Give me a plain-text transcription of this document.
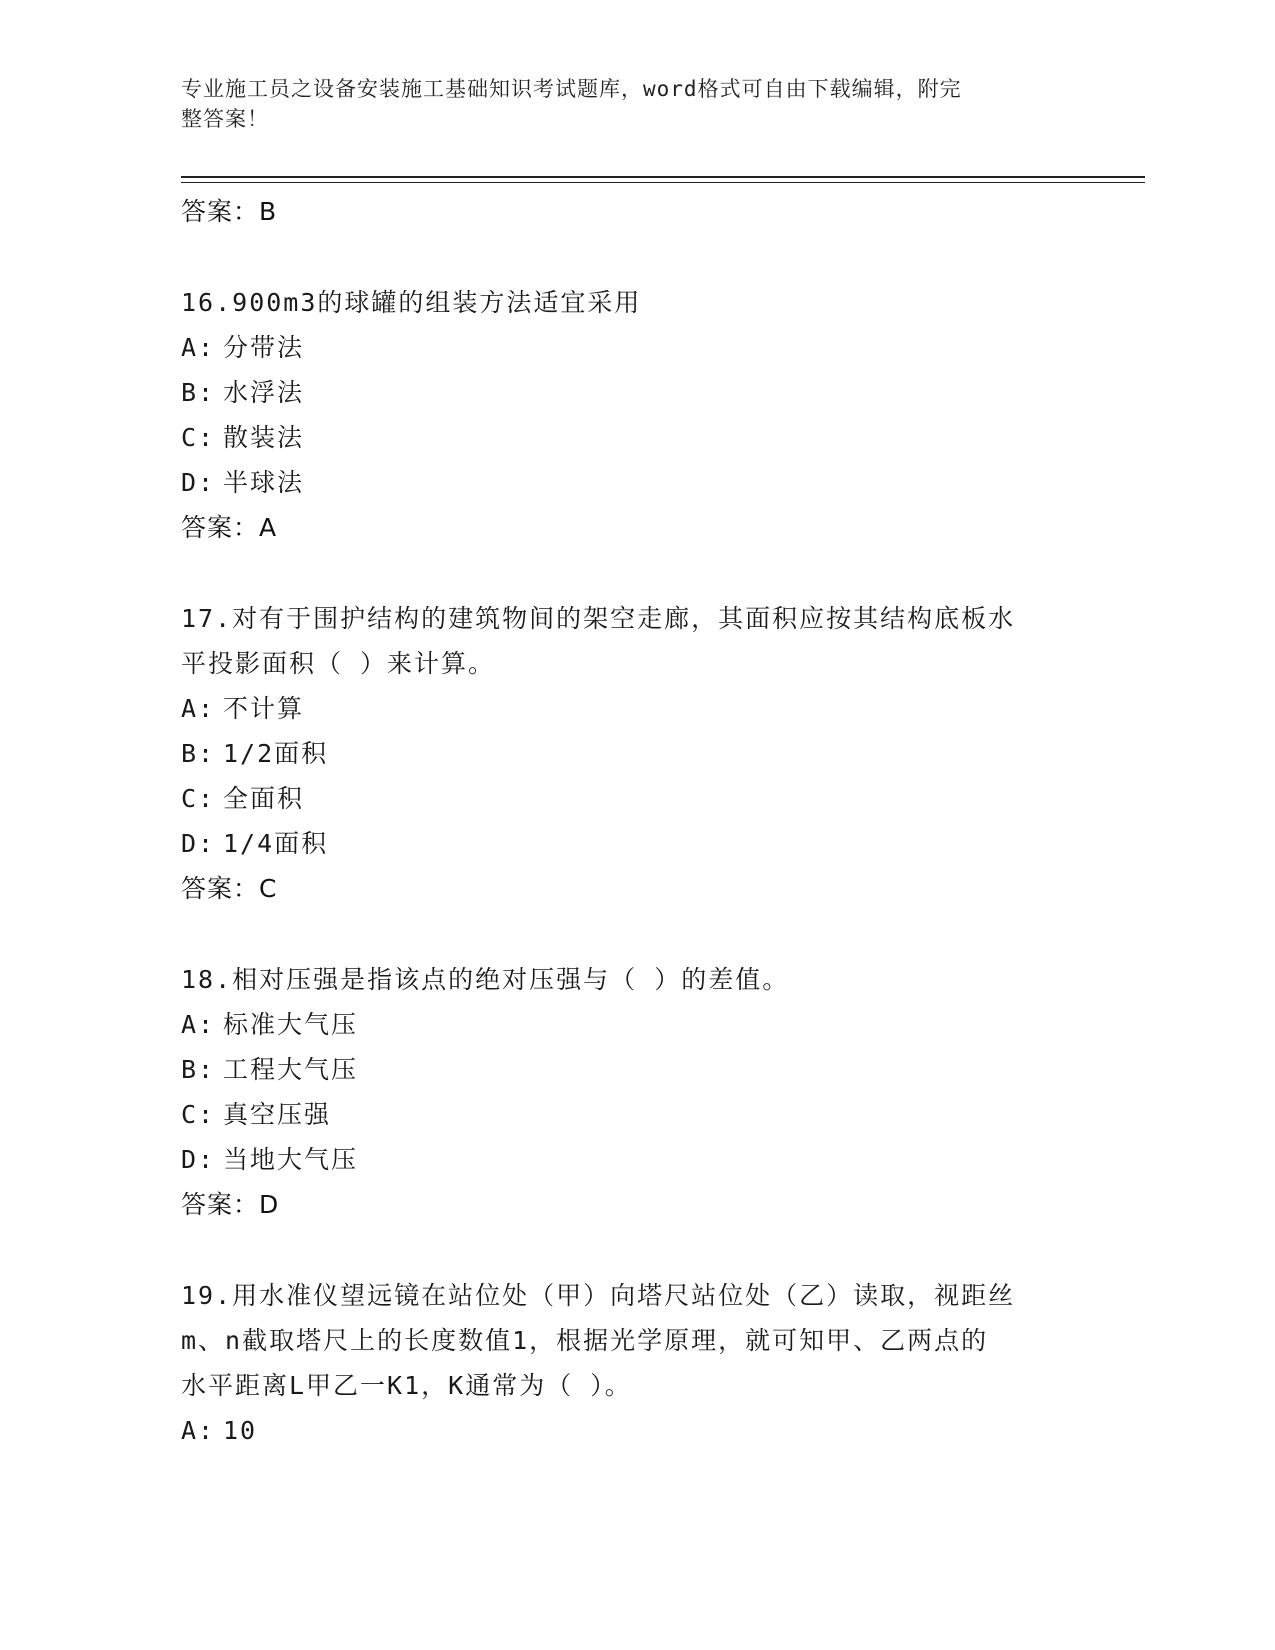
专业施工员之设备安装施工基础知识考试题库，word格式可自由下载编辑，附完
整答案！
答案：B
16.900m3的球罐的组装方法适宜采用
A: 分带法
B: 水浮法
C: 散装法
D: 半球法
答案：A
17.对有于围护结构的建筑物间的架空走廊，其面积应按其结构底板水
平投影面积（ ）来计算。
A: 不计算
B: 1/2面积
C: 全面积
D: 1/4面积
答案：C
18.相对压强是指该点的绝对压强与（ ）的差值。
A: 标准大气压
B: 工程大气压
C: 真空压强
D: 当地大气压
答案：D
19.用水准仪望远镜在站位处（甲）向塔尺站位处（乙）读取，视距丝
m、n截取塔尺上的长度数值1，根据光学原理，就可知甲、乙两点的
水平距离L甲乙一K1，K通常为（ ）。
A: 10
